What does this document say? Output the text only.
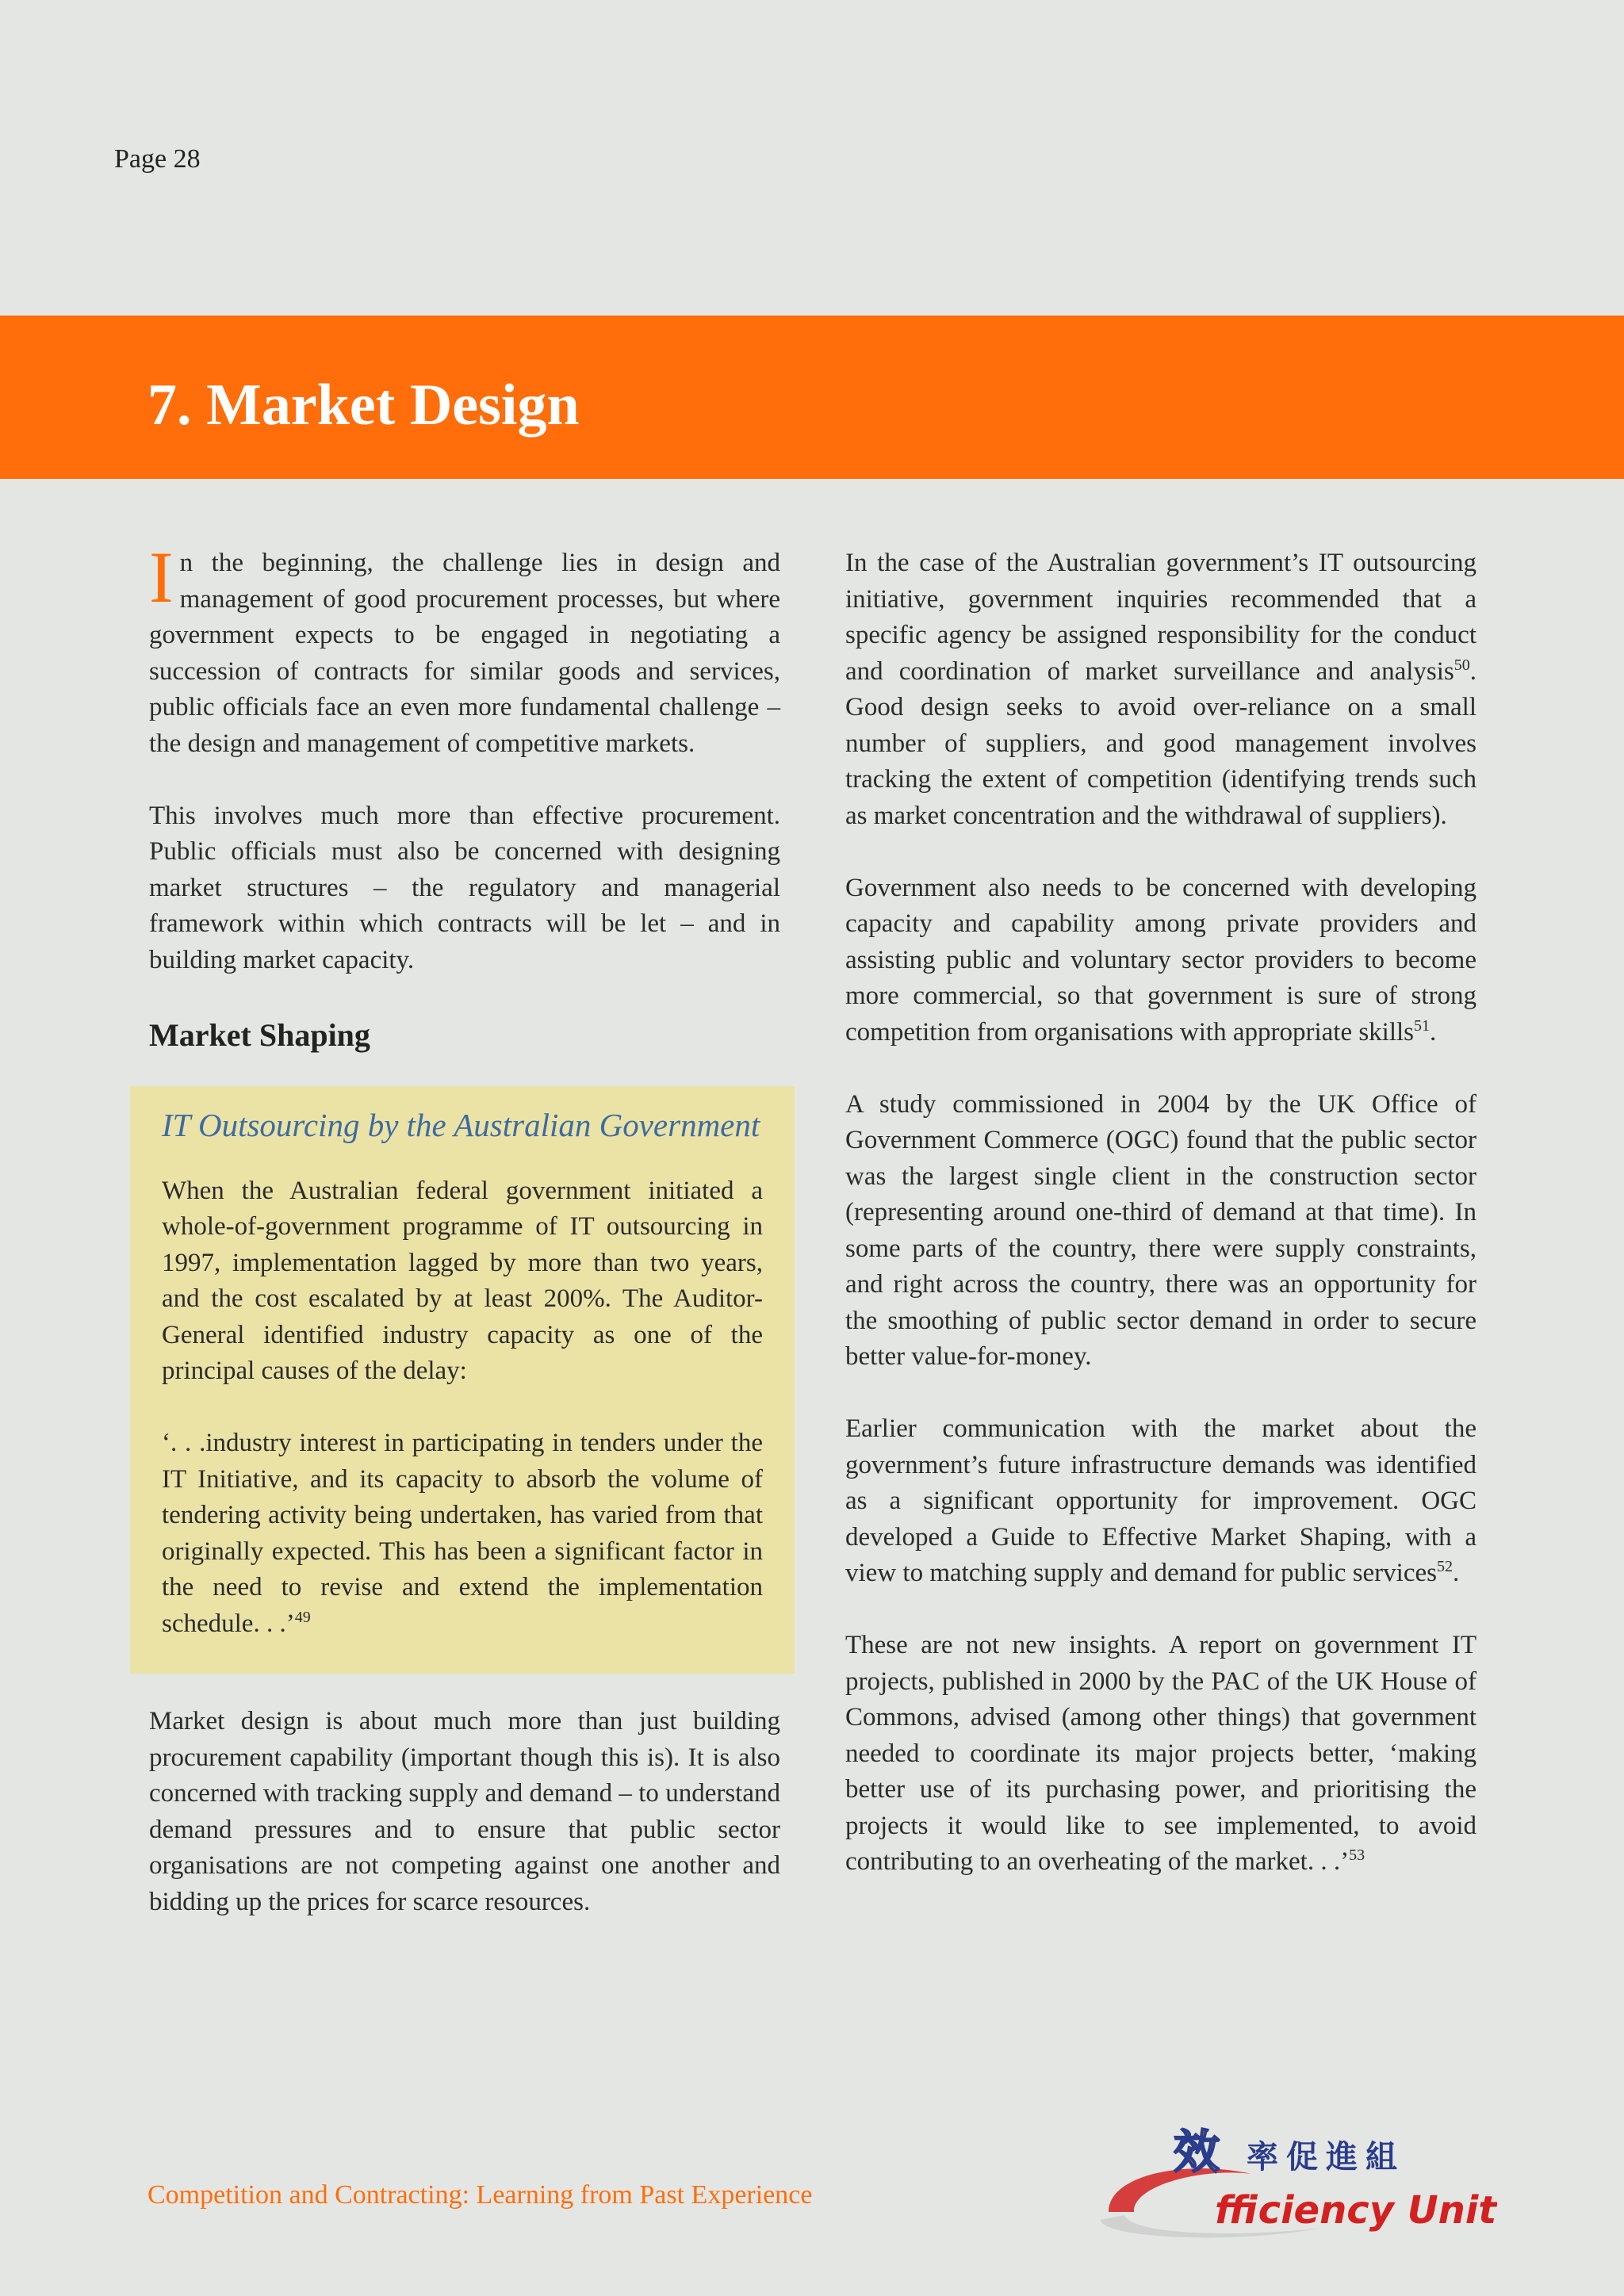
Page 28
7. Market Design

In the beginning, the challenge lies in design and management of good procurement processes, but where government expects to be engaged in negotiating a succession of contracts for similar goods and services, public officials face an even more fundamental challenge – the design and management of competitive markets.

This involves much more than effective procurement. Public officials must also be concerned with designing market structures – the regulatory and managerial framework within which contracts will be let – and in building market capacity.

Market Shaping
IT Outsourcing by the Australian Government

When the Australian federal government initiated a whole-of-government programme of IT outsourcing in 1997, implementation lagged by more than two years, and the cost escalated by at least 200%. The Auditor-General identified industry capacity as one of the principal causes of the delay:

‘. . .industry interest in participating in tenders under the IT Initiative, and its capacity to absorb the volume of tendering activity being undertaken, has varied from that originally expected. This has been a significant factor in the need to revise and extend the implementation schedule. . .’$^{49}$

Market design is about much more than just building procurement capability (important though this is). It is also concerned with tracking supply and demand – to understand demand pressures and to ensure that public sector organisations are not competing against one another and bidding up the prices for scarce resources.

In the case of the Australian government’s IT outsourcing initiative, government inquiries recommended that a specific agency be assigned responsibility for the conduct and coordination of market surveillance and analysis$^{50}$. Good design seeks to avoid over-reliance on a small number of suppliers, and good management involves tracking the extent of competition (identifying trends such as market concentration and the withdrawal of suppliers).

Government also needs to be concerned with developing capacity and capability among private providers and assisting public and voluntary sector providers to become more commercial, so that government is sure of strong competition from organisations with appropriate skills$^{51}$.

A study commissioned in 2004 by the UK Office of Government Commerce (OGC) found that the public sector was the largest single client in the construction sector (representing around one-third of demand at that time). In some parts of the country, there were supply constraints, and right across the country, there was an opportunity for the smoothing of public sector demand in order to secure better value-for-money.

Earlier communication with the market about the government’s future infrastructure demands was identified as a significant opportunity for improvement. OGC developed a Guide to Effective Market Shaping, with a view to matching supply and demand for public services$^{52}$.

These are not new insights. A report on government IT projects, published in 2000 by the PAC of the UK House of Commons, advised (among other things) that government needed to coordinate its major projects better, ‘making better use of its purchasing power, and prioritising the projects it would like to see implemented, to avoid contributing to an overheating of the market. . .’$^{53}$

Competition and Contracting: Learning from Past Experience
效 率促進組
fficiency Unit
